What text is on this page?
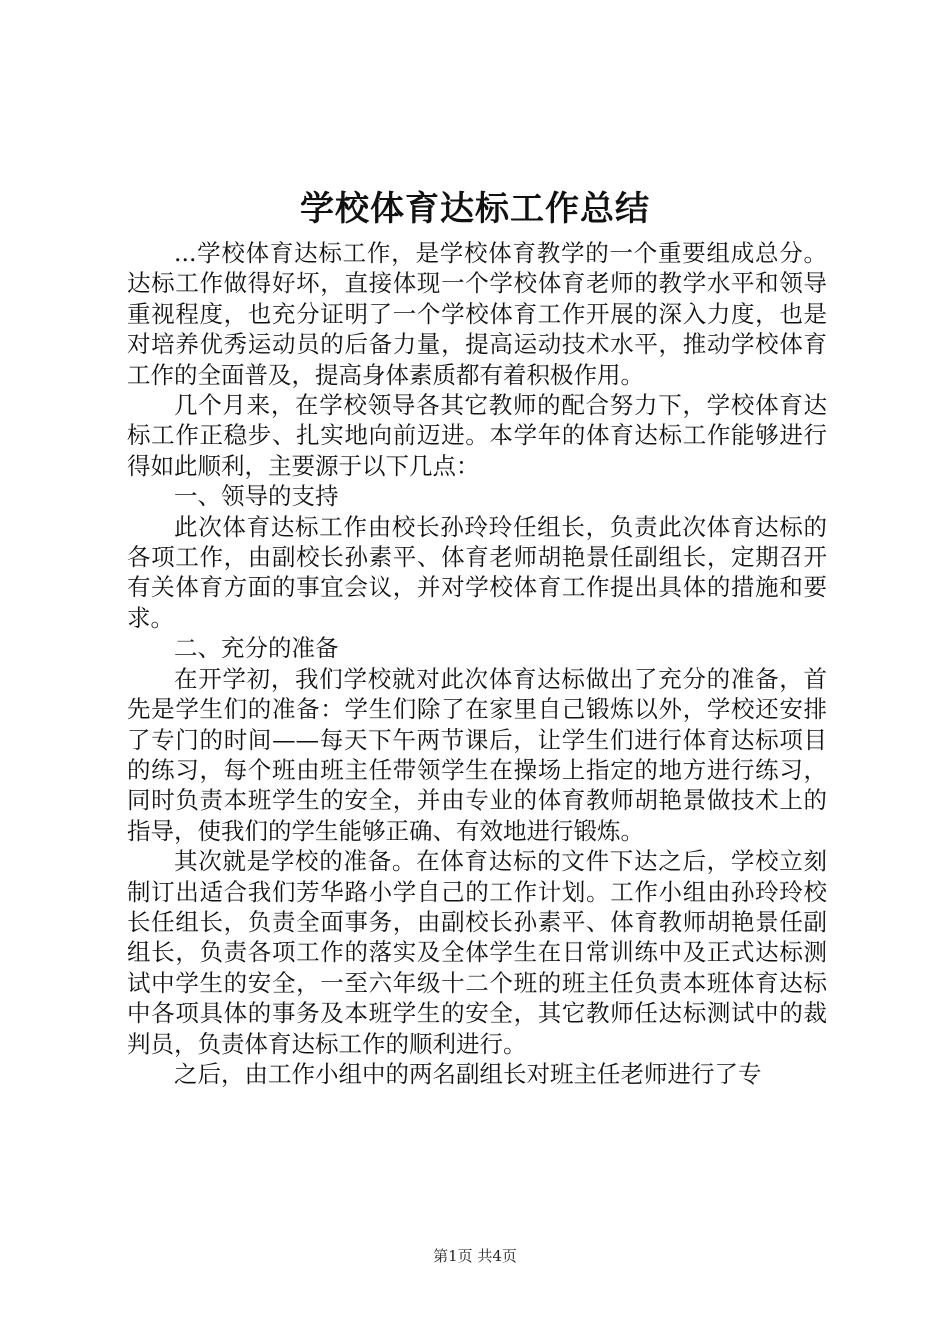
学校体育达标工作总结

...学校体育达标工作，是学校体育教学的一个重要组成总分。达标工作做得好坏，直接体现一个学校体育老师的教学水平和领导重视程度，也充分证明了一个学校体育工作开展的深入力度，也是对培养优秀运动员的后备力量，提高运动技术水平，推动学校体育工作的全面普及，提高身体素质都有着积极作用。

几个月来，在学校领导各其它教师的配合努力下，学校体育达标工作正稳步、扎实地向前迈进。本学年的体育达标工作能够进行得如此顺利，主要源于以下几点：

一、领导的支持

此次体育达标工作由校长孙玲玲任组长，负责此次体育达标的各项工作，由副校长孙素平、体育老师胡艳景任副组长，定期召开有关体育方面的事宜会议，并对学校体育工作提出具体的措施和要求。

二、充分的准备

在开学初，我们学校就对此次体育达标做出了充分的准备，首先是学生们的准备：学生们除了在家里自己锻炼以外，学校还安排了专门的时间——每天下午两节课后，让学生们进行体育达标项目的练习，每个班由班主任带领学生在操场上指定的地方进行练习，同时负责本班学生的安全，并由专业的体育教师胡艳景做技术上的指导，使我们的学生能够正确、有效地进行锻炼。

其次就是学校的准备。在体育达标的文件下达之后，学校立刻制订出适合我们芳华路小学自己的工作计划。工作小组由孙玲玲校长任组长，负责全面事务，由副校长孙素平、体育教师胡艳景任副组长，负责各项工作的落实及全体学生在日常训练中及正式达标测试中学生的安全，一至六年级十二个班的班主任负责本班体育达标中各项具体的事务及本班学生的安全，其它教师任达标测试中的裁判员，负责体育达标工作的顺利进行。

之后，由工作小组中的两名副组长对班主任老师进行了专

第1页 共4页
